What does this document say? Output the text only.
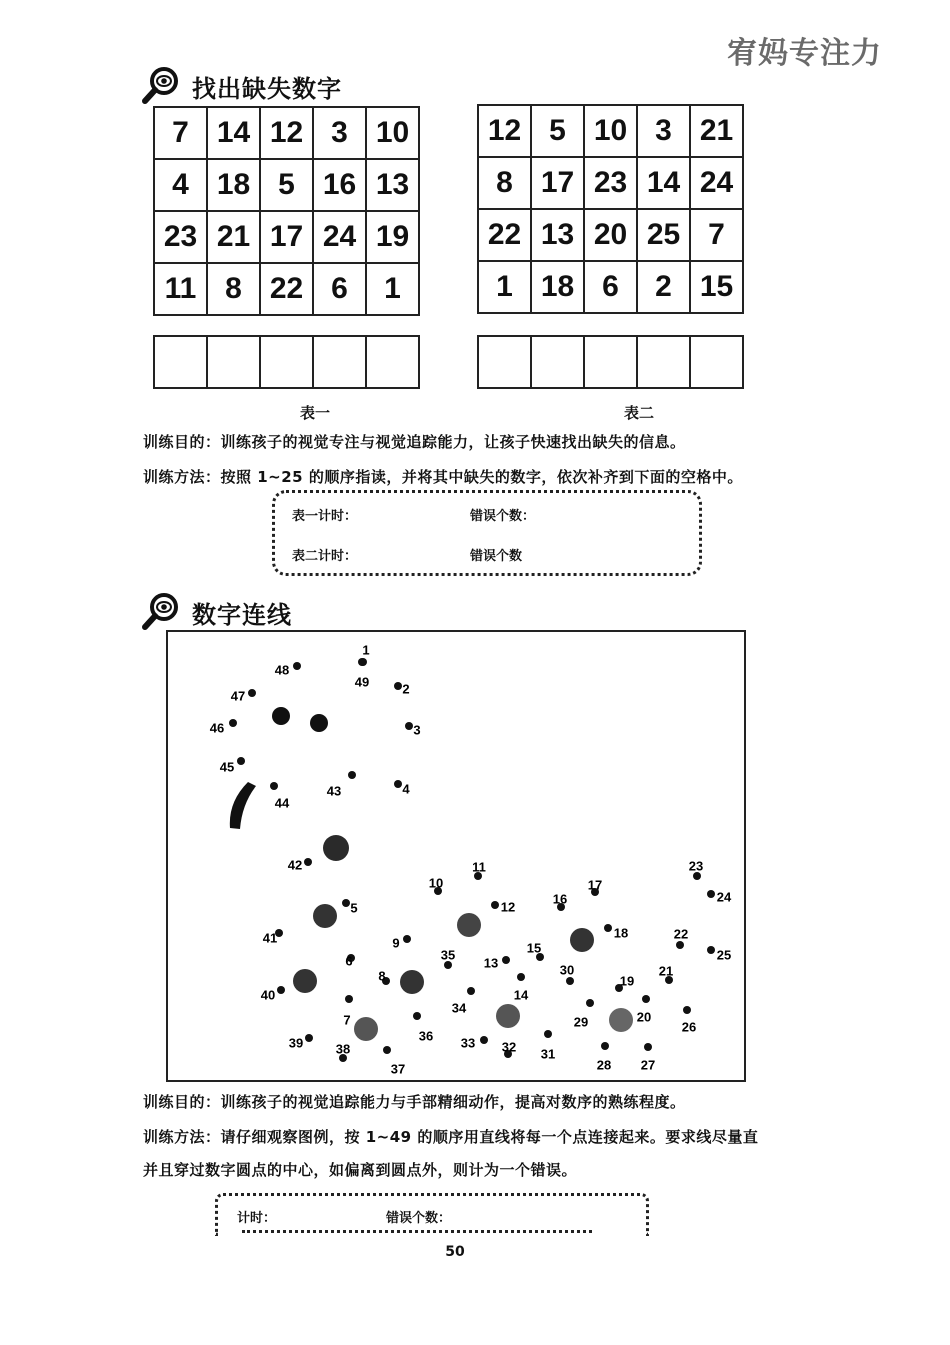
宥妈专注力
找出缺失数字
7	14	12	3	10
4	18	5	16	13
23	21	17	24	19
11	8	22	6	1

表一
12	5	10	3	21
8	17	23	14	24
22	13	20	25	7
1	18	6	2	15

表二
训练目的：训练孩子的视觉专注与视觉追踪能力，让孩子快速找出缺失的信息。
训练方法：按照 1~25 的顺序指读，并将其中缺失的数字，依次补齐到下面的空格中。
表一计时：	错误个数：
表二计时：	错误个数
数字连线
1
2
3
4
5
6
7
8
9
10
11
12
13
14
15
16
17
18
19
20
21
22
23
24
25
26
27
28
29
30
31
32
33
34
35
36
37
38
39
40
41
42
43
44
45
46
47
48
49
训练目的：训练孩子的视觉追踪能力与手部精细动作，提高对数序的熟练程度。
训练方法：请仔细观察图例，按 1~49 的顺序用直线将每一个点连接起来。要求线尽量直
并且穿过数字圆点的中心，如偏离到圆点外，则计为一个错误。
计时：	错误个数：
50
